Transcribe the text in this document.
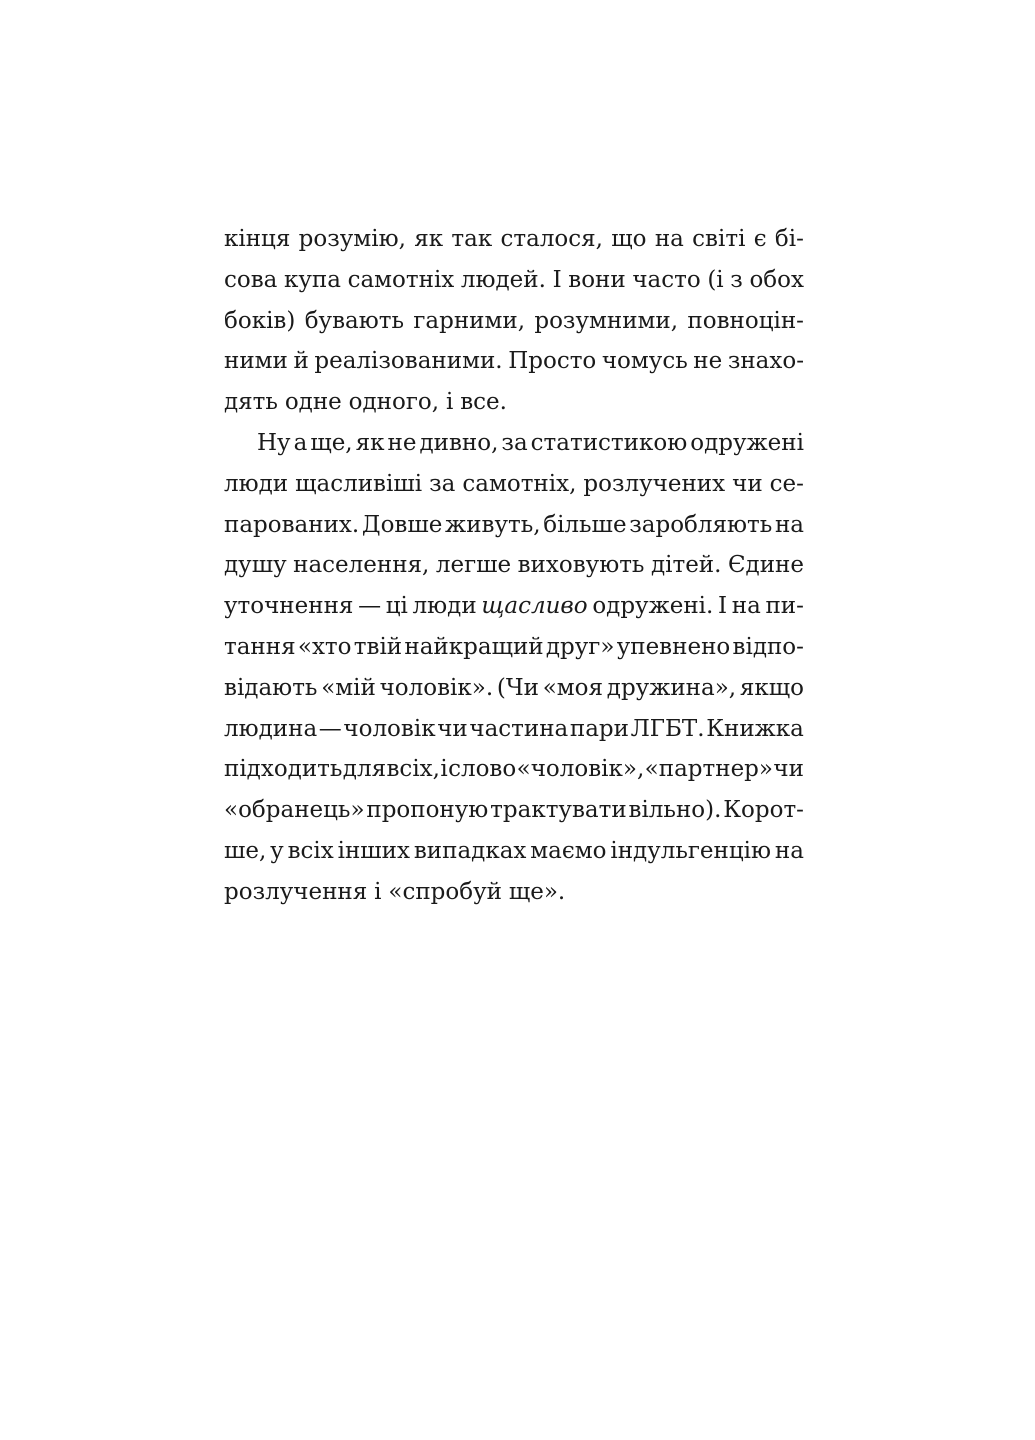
кінця розумію, як так сталося, що на світі є бі-
сова купа самотніх людей. І вони часто (і з обох
боків) бувають гарними, розумними, повноцін-
ними й реалізованими. Просто чомусь не знахо-
дять одне одного, і все.
Ну а ще, як не дивно, за статистикою одружені
люди щасливіші за самотніх, розлучених чи се-
парованих. Довше живуть, більше заробляють на
душу населення, легше виховують дітей. Єдине
уточнення — ці люди щасливо одружені. І на пи-
тання «хто твій найкращий друг» упевнено відпо-
відають «мій чоловік». (Чи «моя дружина», якщо
людина — чоловік чи частина пари ЛГБТ. Книжка
підходить для всіх, і слово «чоловік», «партнер» чи
«обранець» пропоную трактувати вільно). Корот-
ше, у всіх інших випадках маємо індульгенцію на
розлучення і «спробуй ще».
